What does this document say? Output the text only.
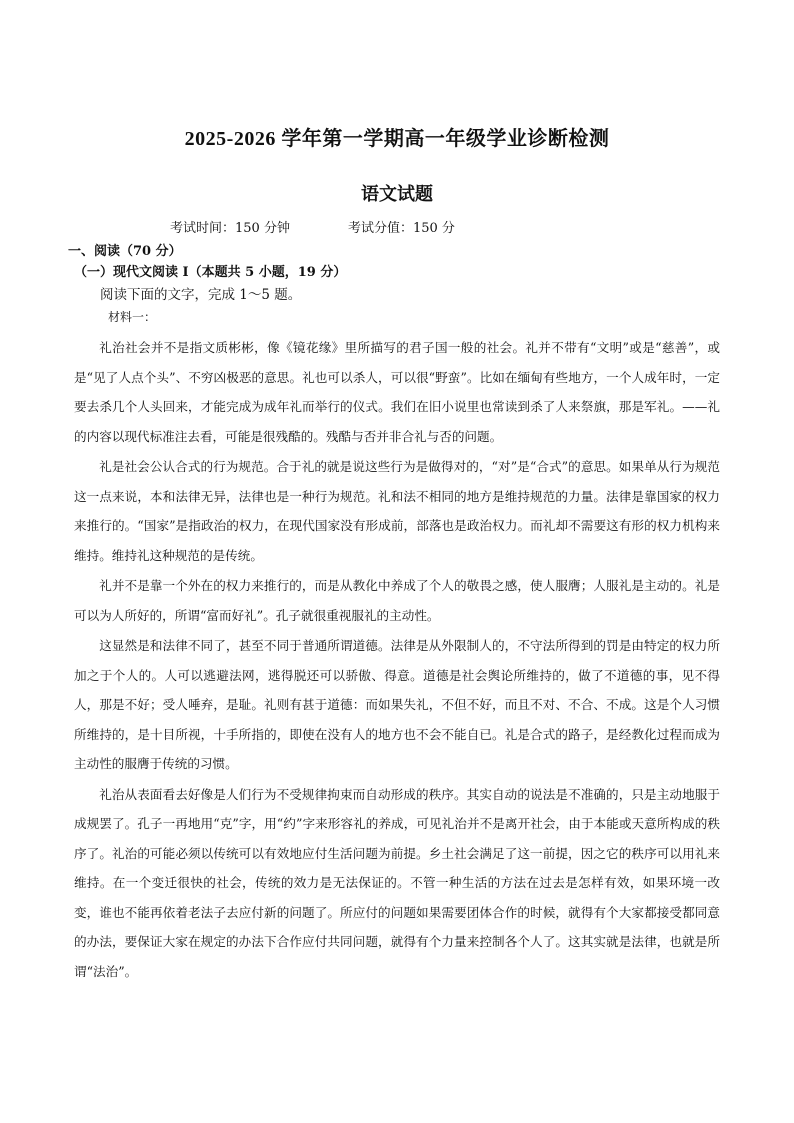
2025-2026 学年第一学期高一年级学业诊断检测
语文试题
考试时间：150 分钟	考试分值：150 分
一、阅读（70 分）
（一）现代文阅读 I（本题共 5 小题，19 分）
阅读下面的文字，完成 1～5 题。
材料一：

礼治社会并不是指文质彬彬，像《镜花缘》里所描写的君子国一般的社会。礼并不带有“文明”或是“慈善”，或是“见了人点个头”、不穷凶极恶的意思。礼也可以杀人，可以很“野蛮”。比如在缅甸有些地方，一个人成年时，一定要去杀几个人头回来，才能完成为成年礼而举行的仪式。我们在旧小说里也常读到杀了人来祭旗，那是军礼。——礼的内容以现代标准注去看，可能是很残酷的。残酷与否并非合礼与否的问题。

礼是社会公认合式的行为规范。合于礼的就是说这些行为是做得对的，“对”是“合式”的意思。如果单从行为规范这一点来说，本和法律无异，法律也是一种行为规范。礼和法不相同的地方是维持规范的力量。法律是靠国家的权力来推行的。“国家”是指政治的权力，在现代国家没有形成前，部落也是政治权力。而礼却不需要这有形的权力机构来维持。维持礼这种规范的是传统。

礼并不是靠一个外在的权力来推行的，而是从教化中养成了个人的敬畏之感，使人服膺；人服礼是主动的。礼是可以为人所好的，所谓“富而好礼”。孔子就很重视服礼的主动性。

这显然是和法律不同了，甚至不同于普通所谓道德。法律是从外限制人的，不守法所得到的罚是由特定的权力所加之于个人的。人可以逃避法网，逃得脱还可以骄傲、得意。道德是社会舆论所维持的，做了不道德的事，见不得人，那是不好；受人唾弃，是耻。礼则有甚于道德：而如果失礼，不但不好，而且不对、不合、不成。这是个人习惯所维持的，是十目所视，十手所指的，即使在没有人的地方也不会不能自已。礼是合式的路子，是经教化过程而成为主动性的服膺于传统的习惯。

礼治从表面看去好像是人们行为不受规律拘束而自动形成的秩序。其实自动的说法是不准确的，只是主动地服于成规罢了。孔子一再地用“克”字，用“约”字来形容礼的养成，可见礼治并不是离开社会，由于本能或天意所构成的秩序了。礼治的可能必须以传统可以有效地应付生活问题为前提。乡土社会满足了这一前提，因之它的秩序可以用礼来维持。在一个变迁很快的社会，传统的效力是无法保证的。不管一种生活的方法在过去是怎样有效，如果环境一改变，谁也不能再依着老法子去应付新的问题了。所应付的问题如果需要团体合作的时候，就得有个大家都接受都同意的办法，要保证大家在规定的办法下合作应付共同问题，就得有个力量来控制各个人了。这其实就是法律，也就是所谓“法治”。
